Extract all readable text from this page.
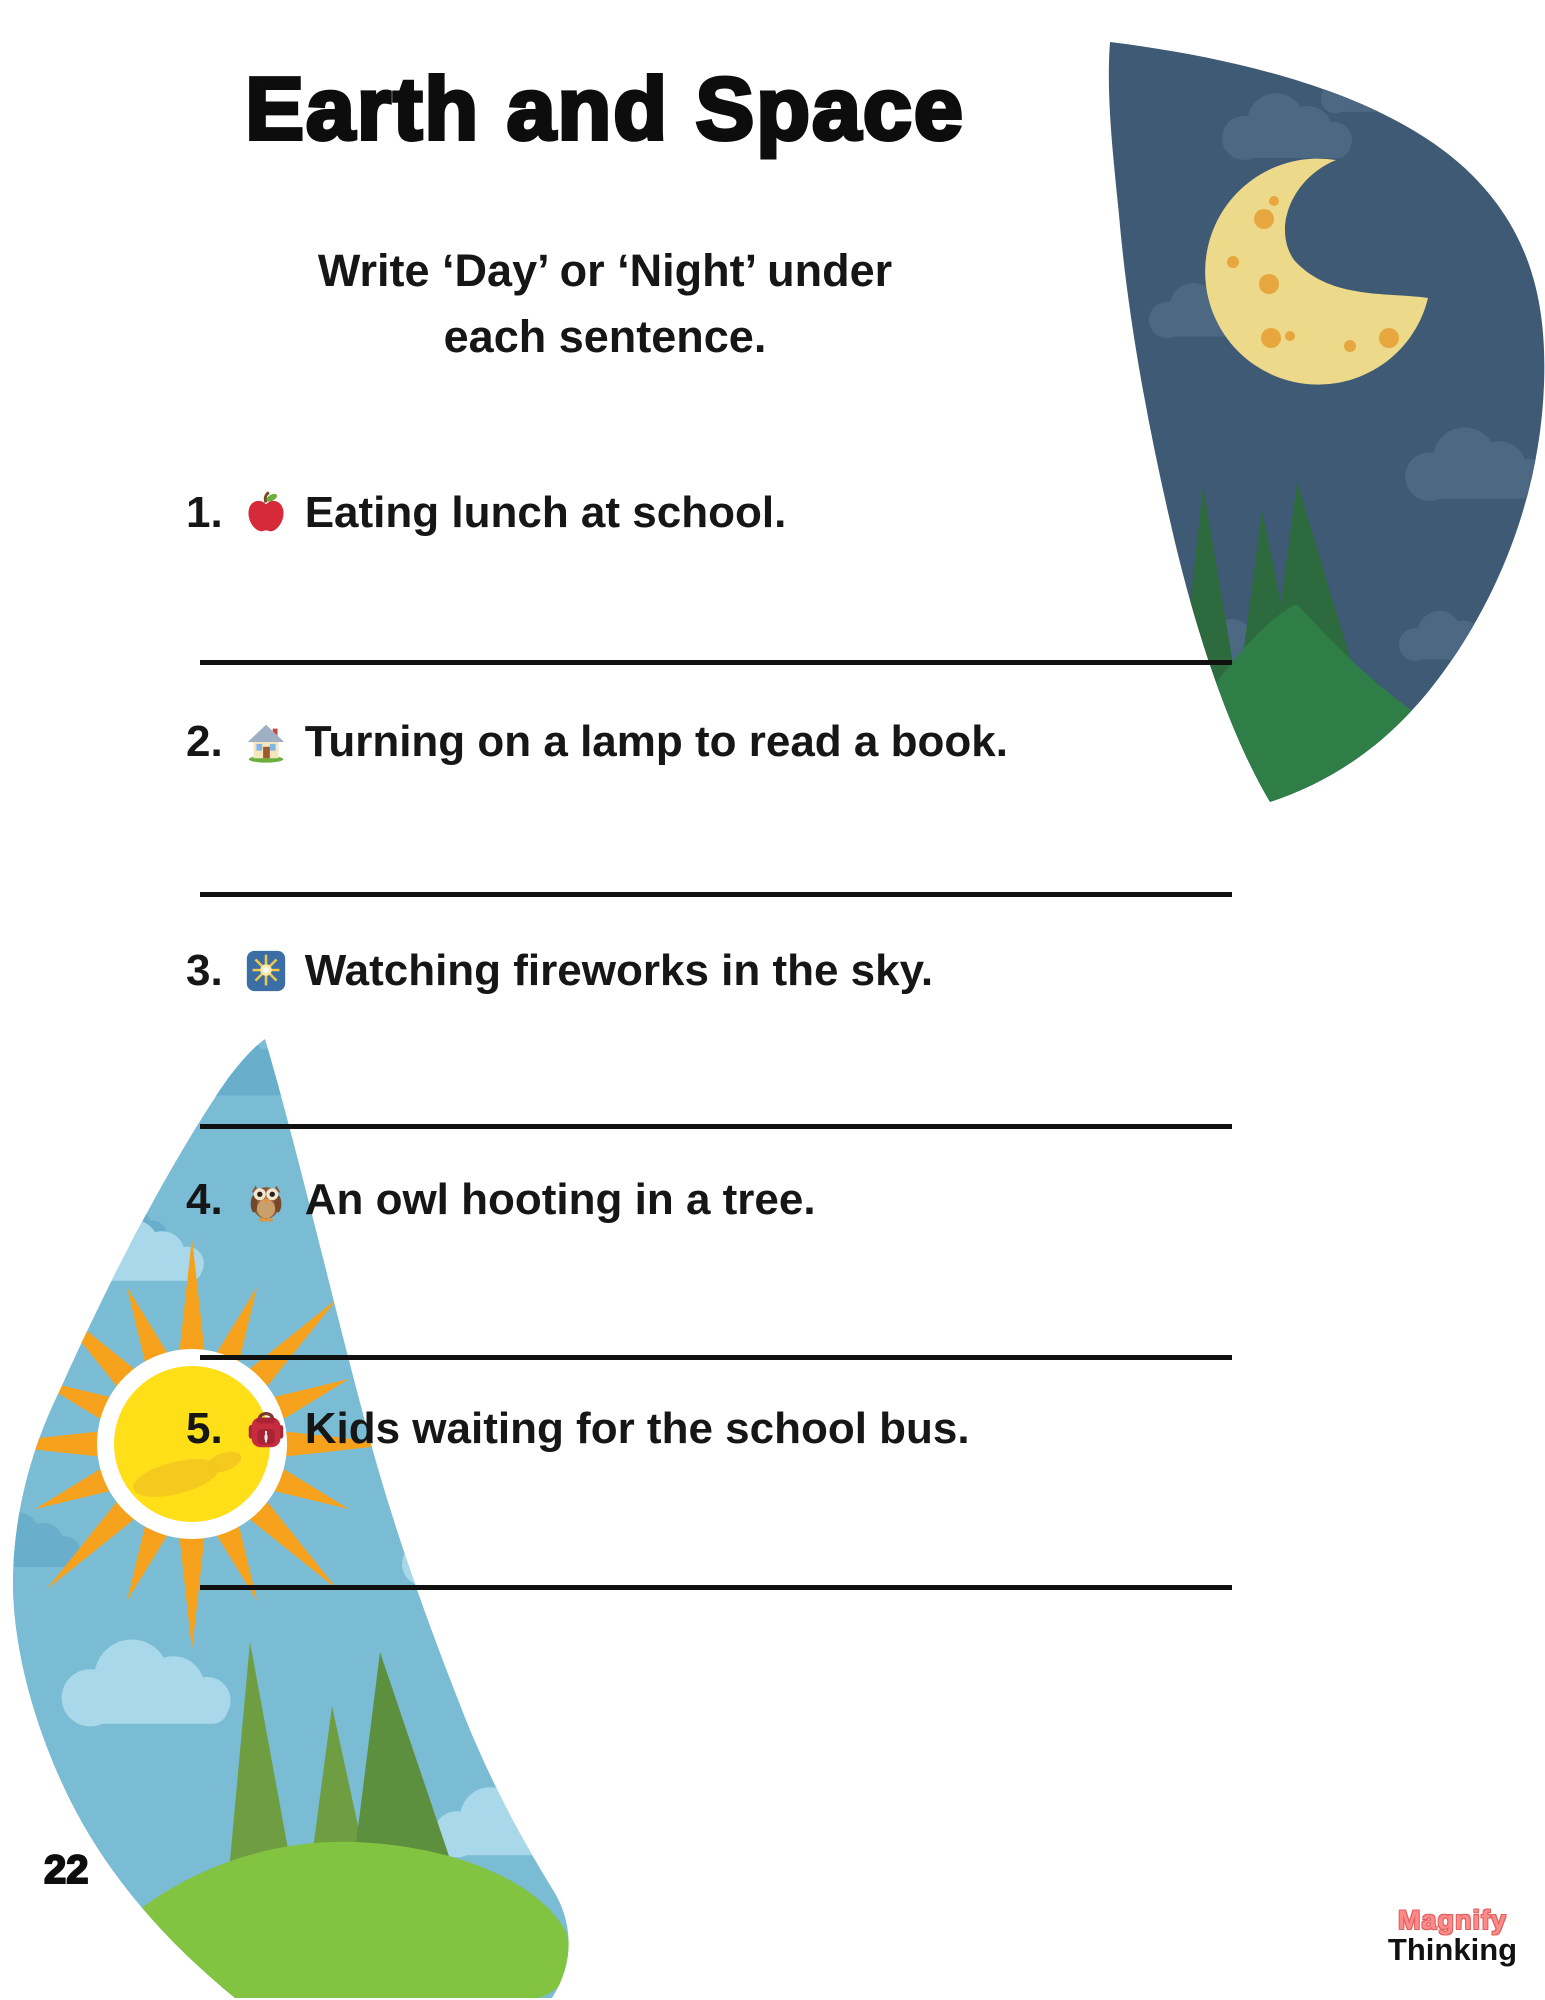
Earth and Space
Write ‘Day’ or ‘Night’ under
each sentence.
1. Eating lunch at school.
2. Turning on a lamp to read a book.
3. Watching fireworks in the sky.
4. An owl hooting in a tree.
5. Kids waiting for the school bus.
22
Magnify
Thinking
